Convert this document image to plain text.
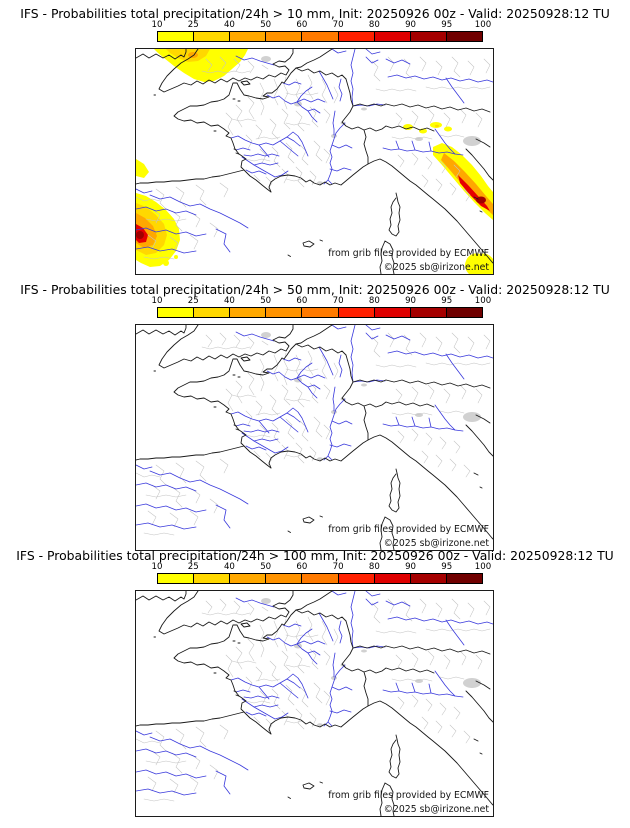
IFS - Probabilities total precipitation/24h > 10 mm, Init: 20250926 00z - Valid: 20250928:12 TU
10	25	40	50	60	70	80	90	95	100
from grib files provided by ECMWF
©2025 sb@irizone.net
IFS - Probabilities total precipitation/24h > 50 mm, Init: 20250926 00z - Valid: 20250928:12 TU
10	25	40	50	60	70	80	90	95	100
from grib files provided by ECMWF
©2025 sb@irizone.net
IFS - Probabilities total precipitation/24h > 100 mm, Init: 20250926 00z - Valid: 20250928:12 TU
10	25	40	50	60	70	80	90	95	100
from grib files provided by ECMWF
©2025 sb@irizone.net
